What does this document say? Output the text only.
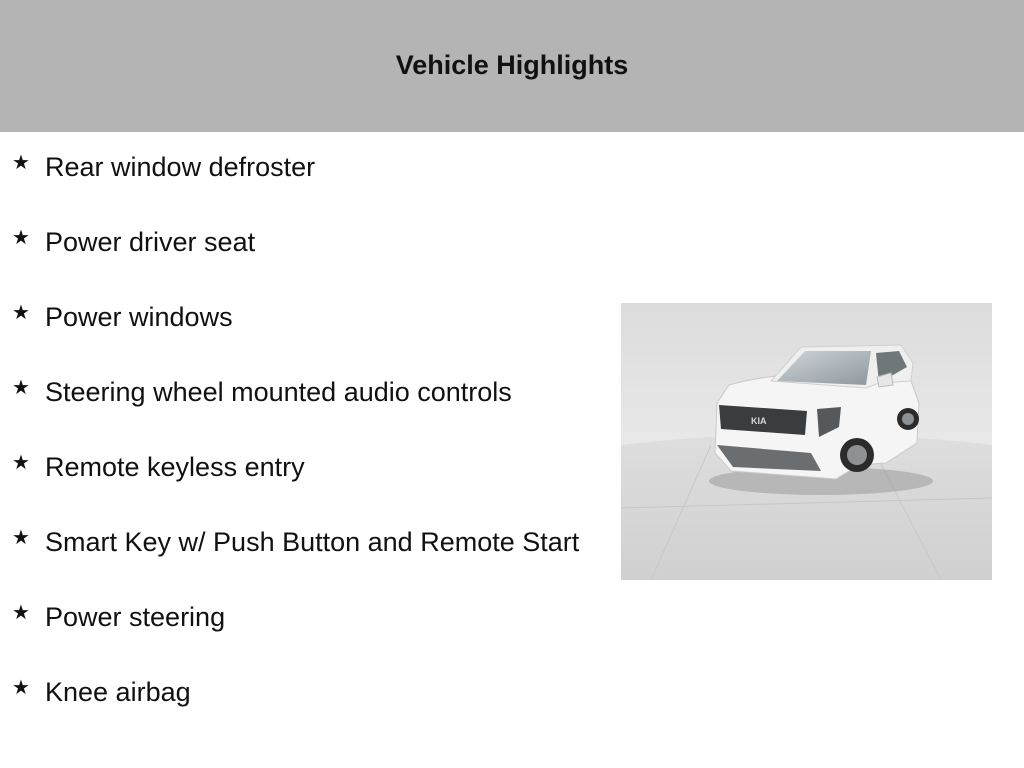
Vehicle Highlights
★ Rear window defroster
★ Power driver seat
★ Power windows
★ Steering wheel mounted audio controls
★ Remote keyless entry
★ Smart Key w/ Push Button and Remote Start
★ Power steering
★ Knee airbag
KIA
